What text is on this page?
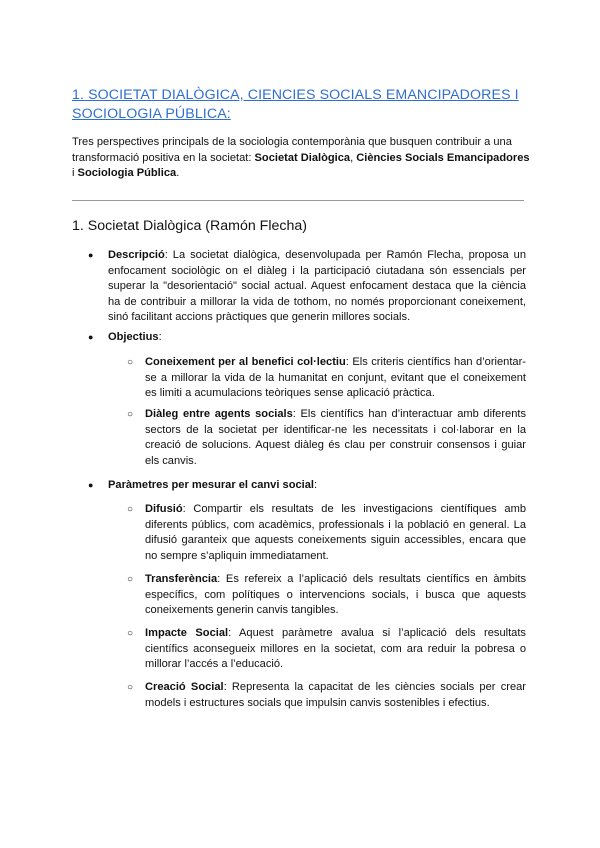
1. SOCIETAT DIALÒGICA, CIENCIES SOCIALS EMANCIPADORES I SOCIOLOGIA PÚBLICA:
Tres perspectives principals de la sociologia contemporània que busquen contribuir a una transformació positiva en la societat: Societat Dialògica, Ciències Socials Emancipadores i Sociologia Pública.
1. Societat Dialògica (Ramón Flecha)
● Descripció: La societat dialògica, desenvolupada per Ramón Flecha, proposa un enfocament sociològic on el diàleg i la participació ciutadana són essencials per superar la "desorientació" social actual. Aquest enfocament destaca que la ciència ha de contribuir a millorar la vida de tothom, no només proporcionant coneixement, sinó facilitant accions pràctiques que generin millores socials.
● Objectius:
○ Coneixement per al benefici col·lectiu: Els criteris científics han d’orientar-se a millorar la vida de la humanitat en conjunt, evitant que el coneixement es limiti a acumulacions teòriques sense aplicació pràctica.
○ Diàleg entre agents socials: Els científics han d’interactuar amb diferents sectors de la societat per identificar-ne les necessitats i col·laborar en la creació de solucions. Aquest diàleg és clau per construir consensos i guiar els canvis.
● Paràmetres per mesurar el canvi social:
○ Difusió: Compartir els resultats de les investigacions científiques amb diferents públics, com acadèmics, professionals i la població en general. La difusió garanteix que aquests coneixements siguin accessibles, encara que no sempre s’apliquin immediatament.
○ Transferència: Es refereix a l’aplicació dels resultats científics en àmbits específics, com polítiques o intervencions socials, i busca que aquests coneixements generin canvis tangibles.
○ Impacte Social: Aquest paràmetre avalua si l’aplicació dels resultats científics aconsegueix millores en la societat, com ara reduir la pobresa o millorar l’accés a l’educació.
○ Creació Social: Representa la capacitat de les ciències socials per crear models i estructures socials que impulsin canvis sostenibles i efectius.
